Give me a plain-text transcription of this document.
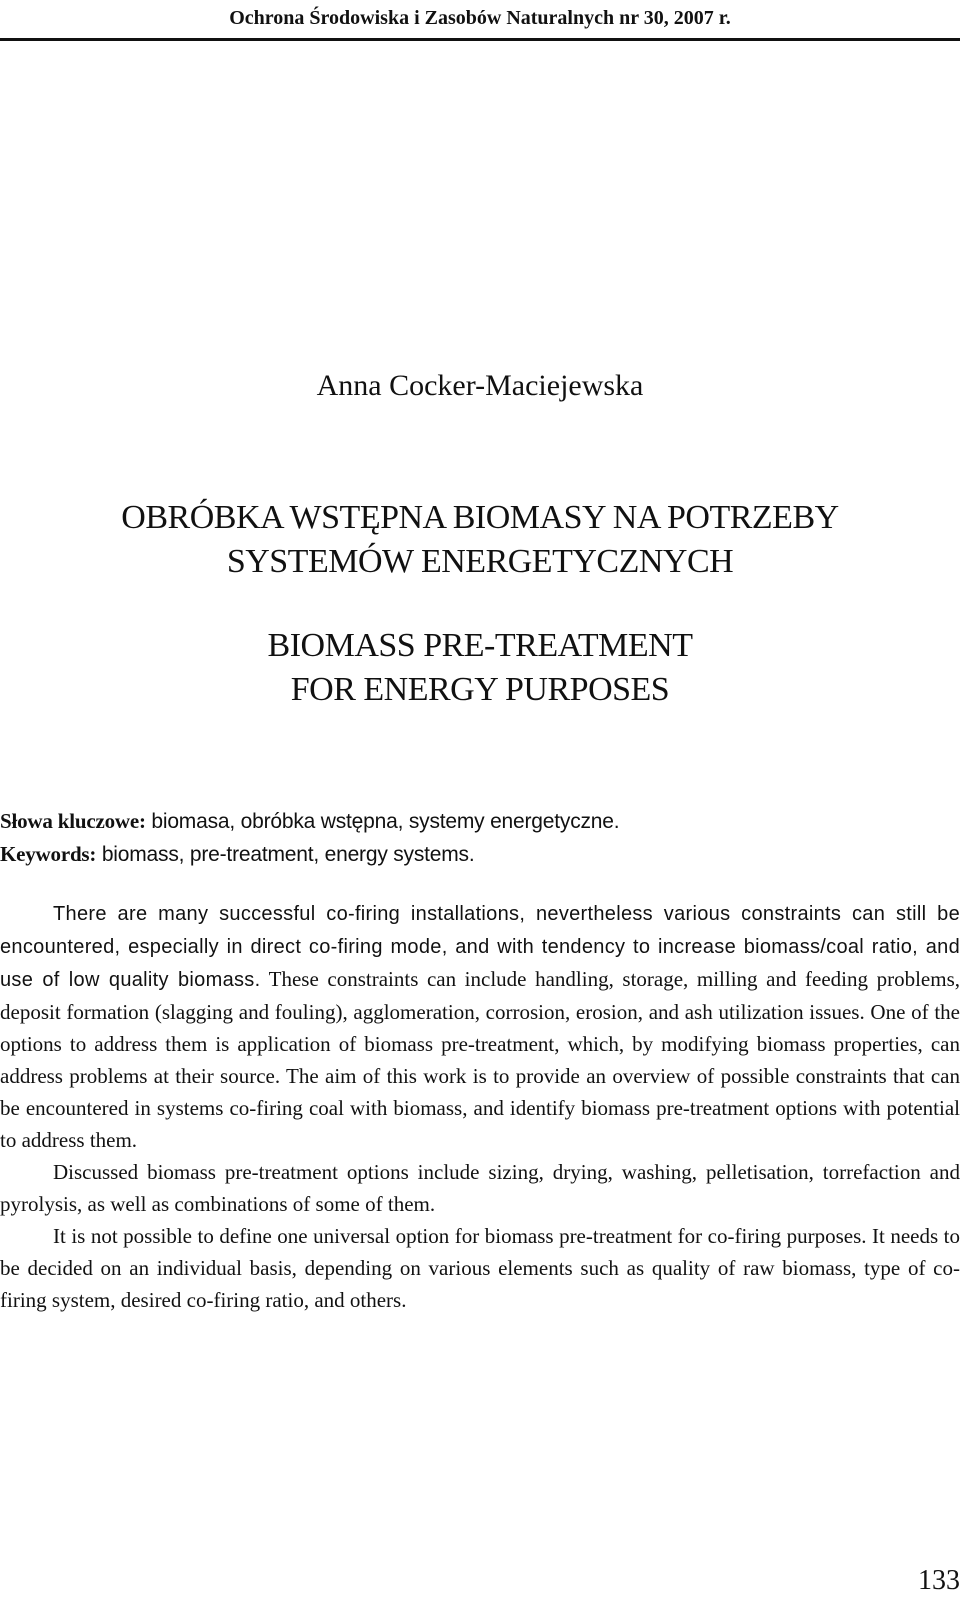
Ochrona Środowiska i Zasobów Naturalnych nr 30, 2007 r.
Anna Cocker-Maciejewska
OBRÓBKA WSTĘPNA BIOMASY NA POTRZEBY
SYSTEMÓW ENERGETYCZNYCH
BIOMASS PRE-TREATMENT
FOR ENERGY PURPOSES
Słowa kluczowe: biomasa, obróbka wstępna, systemy energetyczne.
Keywords: biomass, pre-treatment, energy systems.

There are many successful co-firing installations, nevertheless various constraints can still be encountered, especially in direct co-firing mode, and with tendency to increase biomass/coal ratio, and use of low quality biomass. These constraints can include handling, storage, milling and feeding problems, deposit formation (slagging and fouling), agglomeration, corrosion, erosion, and ash utilization issues. One of the options to address them is application of biomass pre-treatment, which, by modifying biomass properties, can address problems at their source. The aim of this work is to provide an overview of possible constraints that can be encountered in systems co-firing coal with biomass, and identify biomass pre-treatment options with potential to address them.

Discussed biomass pre-treatment options include sizing, drying, washing, pelletisation, torrefaction and pyrolysis, as well as combinations of some of them.

It is not possible to define one universal option for biomass pre-treatment for co-firing purposes. It needs to be decided on an individual basis, depending on various elements such as quality of raw biomass, type of co-firing system, desired co-firing ratio, and others.

133
